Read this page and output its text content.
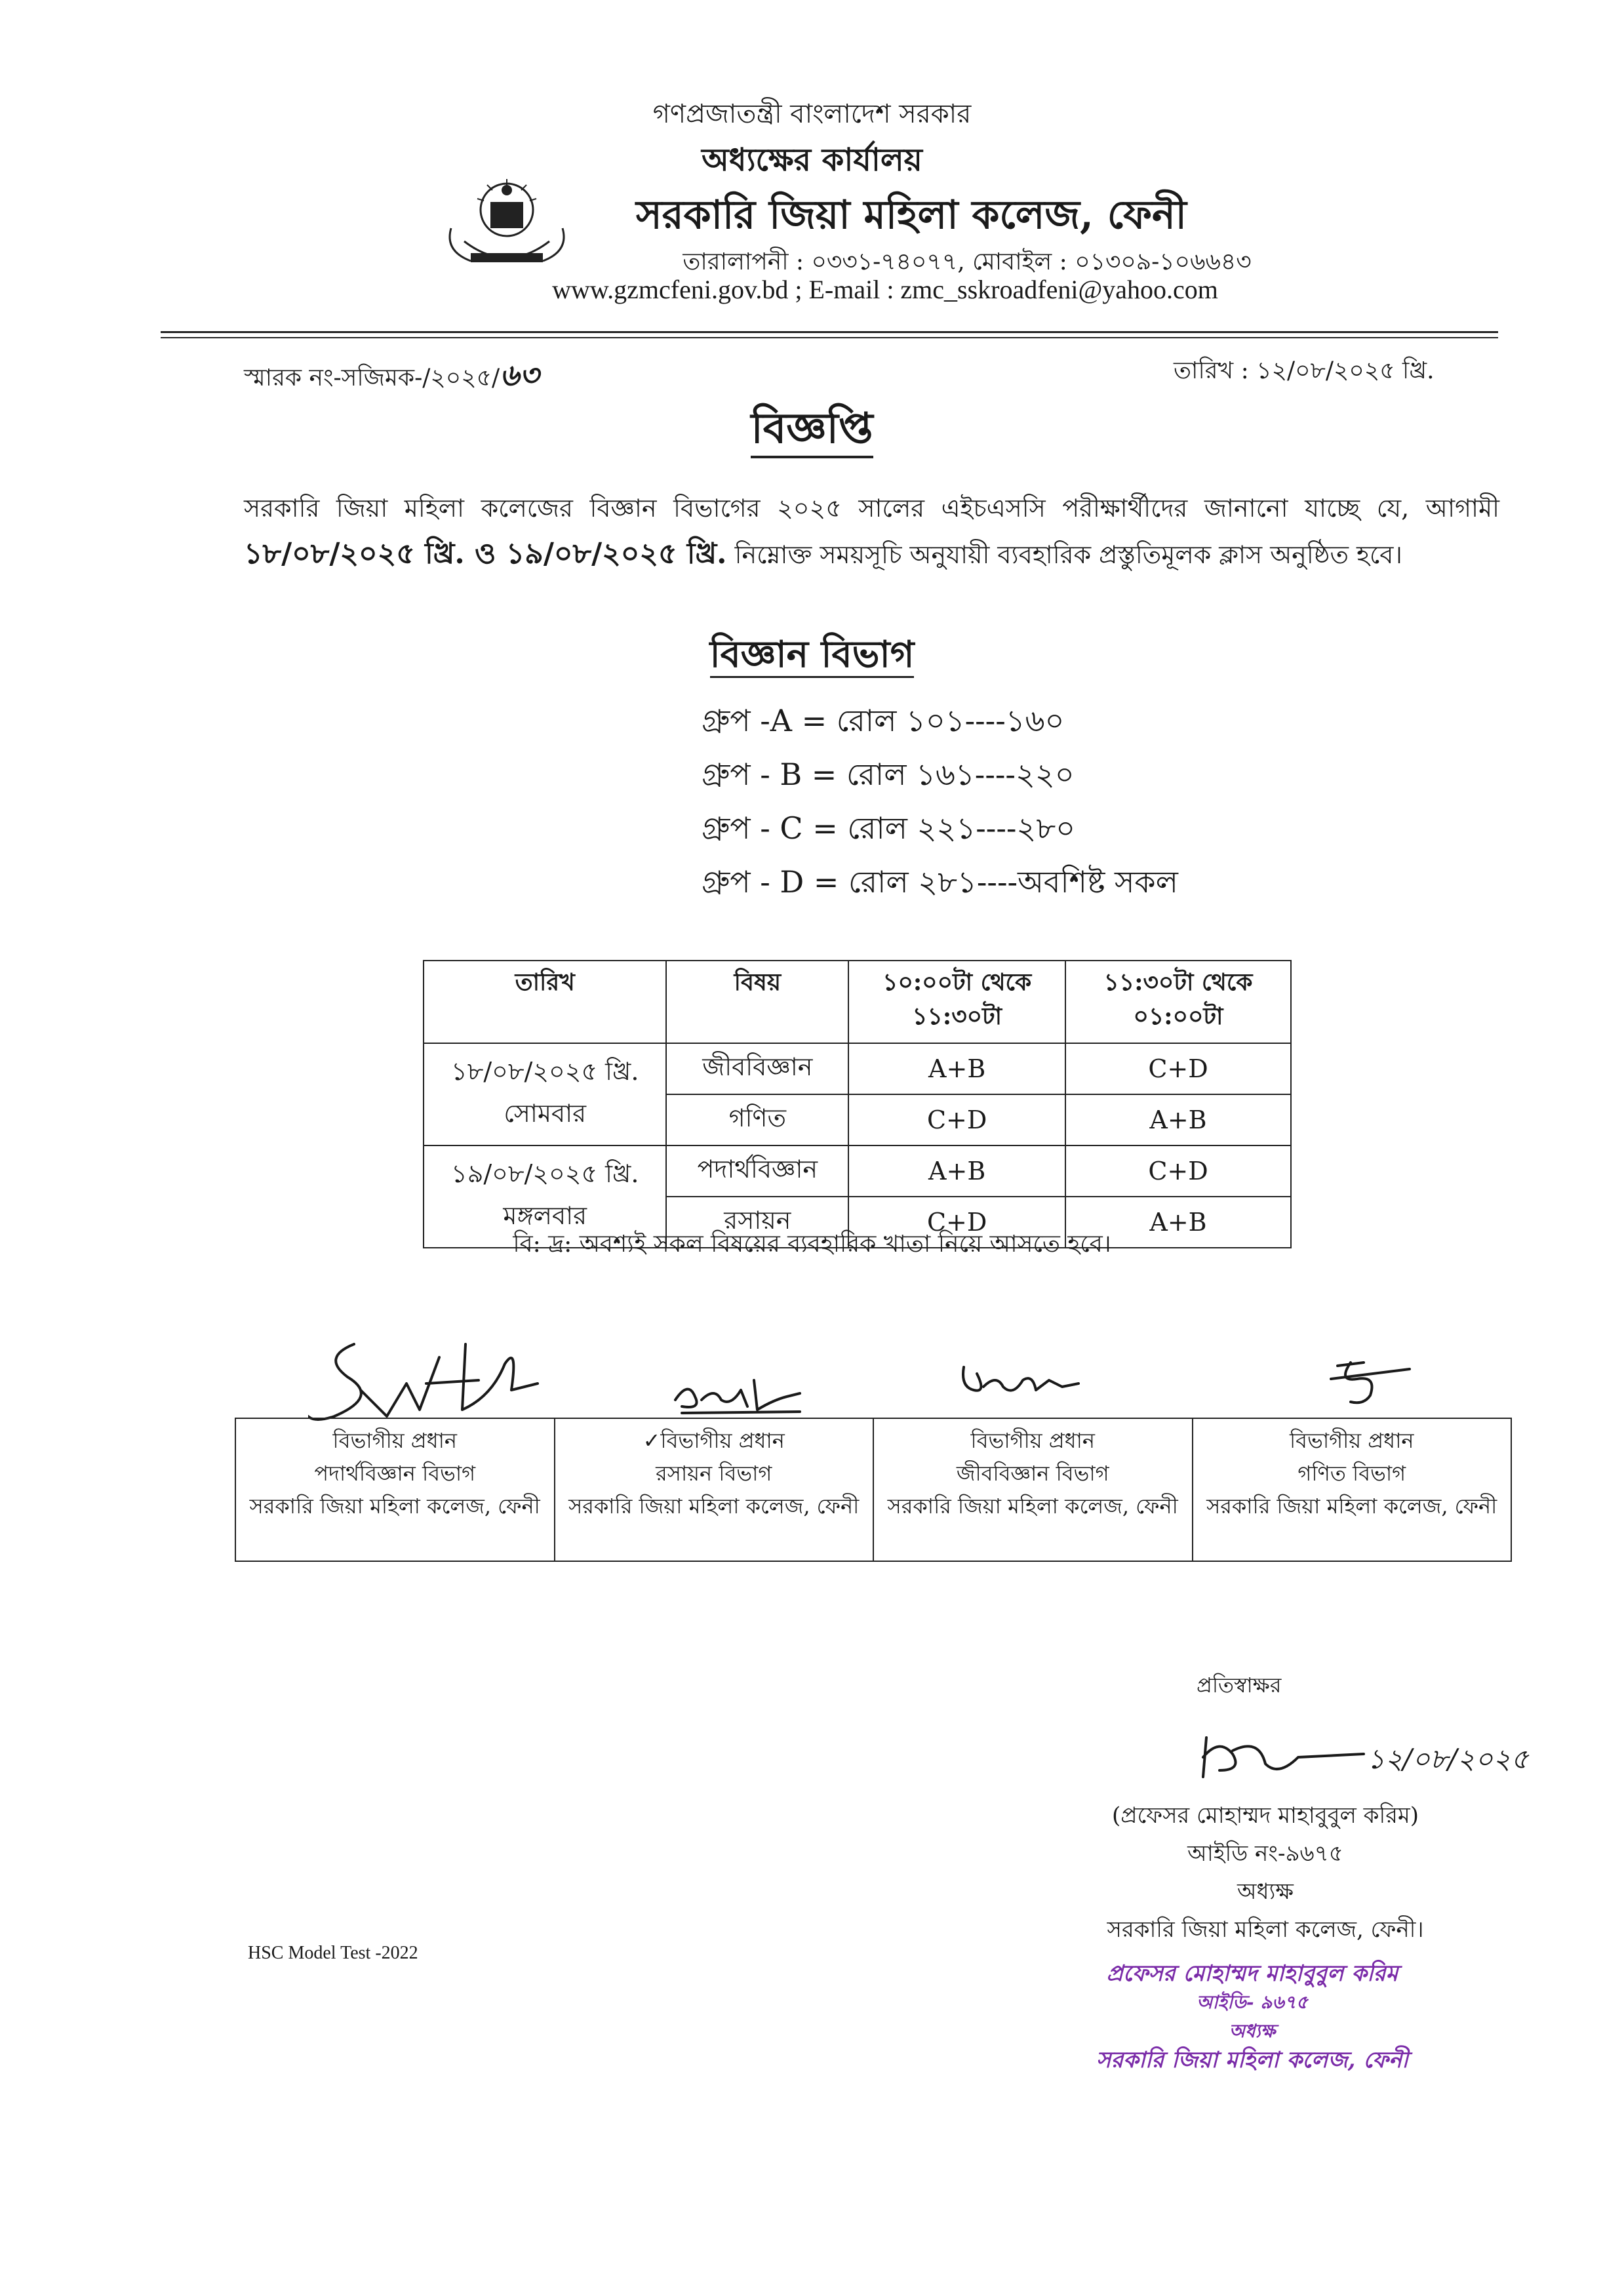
গণপ্রজাতন্ত্রী বাংলাদেশ সরকার
অধ্যক্ষের কার্যালয়
সরকারি জিয়া মহিলা কলেজ, ফেনী
তারালাপনী : ০৩৩১-৭৪০৭৭, মোবাইল : ০১৩০৯-১০৬৬৪৩
www.gzmcfeni.gov.bd ; E-mail : zmc_sskroadfeni@yahoo.com
স্মারক নং-সজিমক-/২০২৫/৬৩	তারিখ : ১২/০৮/২০২৫ খ্রি.
বিজ্ঞপ্তি
সরকারি জিয়া মহিলা কলেজের বিজ্ঞান বিভাগের ২০২৫ সালের এইচএসসি পরীক্ষার্থীদের জানানো যাচ্ছে যে, আগামী ১৮/০৮/২০২৫ খ্রি. ও ১৯/০৮/২০২৫ খ্রি. নিম্নোক্ত সময়সূচি অনুযায়ী ব্যবহারিক প্রস্তুতিমূলক ক্লাস অনুষ্ঠিত হবে।
বিজ্ঞান বিভাগ
গ্রুপ -A = রোল ১০১----১৬০
গ্রুপ - B = রোল ১৬১----২২০
গ্রুপ - C = রোল ২২১----২৮০
গ্রুপ - D = রোল ২৮১----অবশিষ্ট সকল
তারিখ	বিষয়	১০:০০টা থেকে ১১:৩০টা	১১:৩০টা থেকে ০১:০০টা

১৮/০৮/২০২৫ খ্রি.
সোমবার	জীববিজ্ঞান	A+B	C+D
	গণিত	C+D	A+B

১৯/০৮/২০২৫ খ্রি.
মঙ্গলবার	পদার্থবিজ্ঞান	A+B	C+D
	রসায়ন	C+D	A+B
বি: দ্র: অবশ্যই সকল বিষয়ের ব্যবহারিক খাতা নিয়ে আসতে হবে।
বিভাগীয় প্রধান
পদার্থবিজ্ঞান বিভাগ
সরকারি জিয়া মহিলা কলেজ, ফেনী

✓বিভাগীয় প্রধান
রসায়ন বিভাগ
সরকারি জিয়া মহিলা কলেজ, ফেনী

বিভাগীয় প্রধান
জীববিজ্ঞান বিভাগ
সরকারি জিয়া মহিলা কলেজ, ফেনী

বিভাগীয় প্রধান
গণিত বিভাগ
সরকারি জিয়া মহিলা কলেজ, ফেনী
প্রতিস্বাক্ষর
১২/০৮/২০২৫
(প্রফেসর মোহাম্মদ মাহাবুবুল করিম)
আইডি নং-৯৬৭৫
অধ্যক্ষ
সরকারি জিয়া মহিলা কলেজ, ফেনী।
HSC Model Test -2022
প্রফেসর মোহাম্মদ মাহাবুবুল করিম
আইডি- ৯৬৭৫
অধ্যক্ষ
সরকারি জিয়া মহিলা কলেজ, ফেনী
